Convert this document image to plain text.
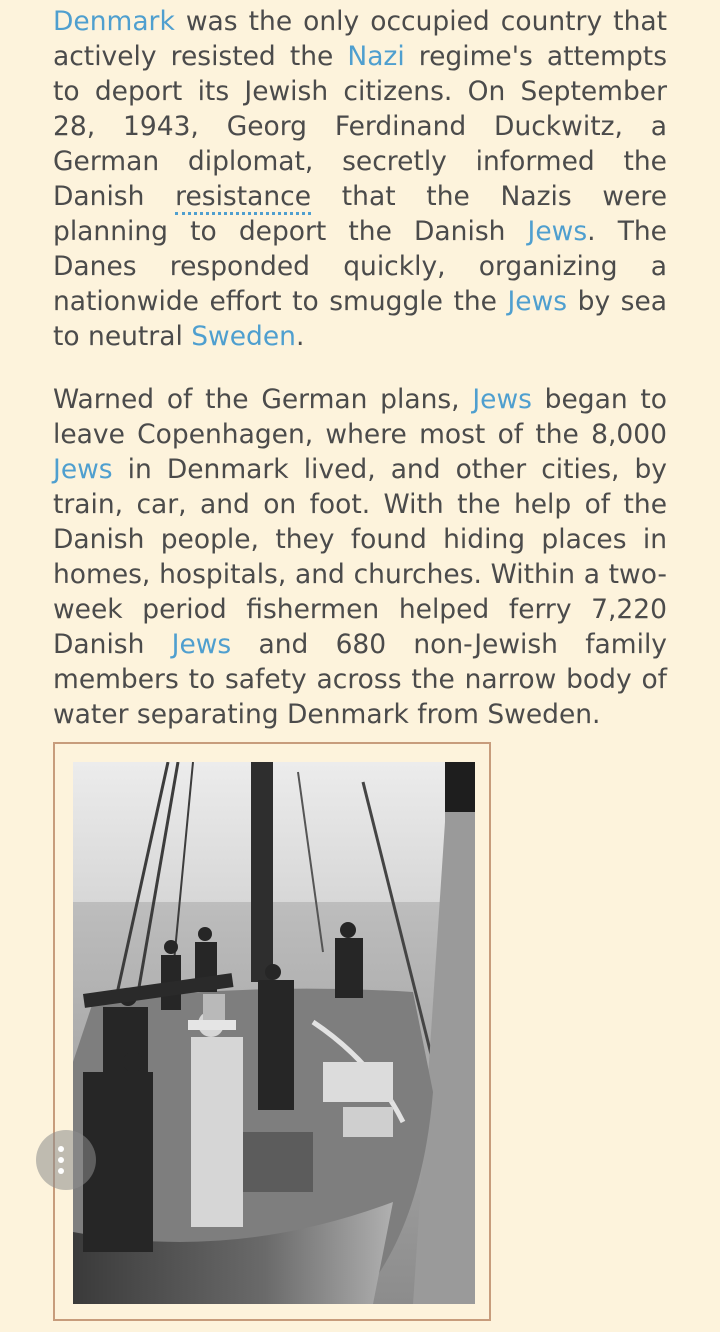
Denmark was the only occupied country that actively resisted the Nazi regime's attempts to deport its Jewish citizens. On September 28, 1943, Georg Ferdinand Duckwitz, a German diplomat, secretly informed the Danish resistance that the Nazis were planning to deport the Danish Jews. The Danes responded quickly, organizing a nationwide effort to smuggle the Jews by sea to neutral Sweden.

Warned of the German plans, Jews began to leave Copenhagen, where most of the 8,000 Jews in Denmark lived, and other cities, by train, car, and on foot. With the help of the Danish people, they found hiding places in homes, hospitals, and churches. Within a two-week period fishermen helped ferry 7,220 Danish Jews and 680 non-Jewish family members to safety across the narrow body of water separating Denmark from Sweden.
